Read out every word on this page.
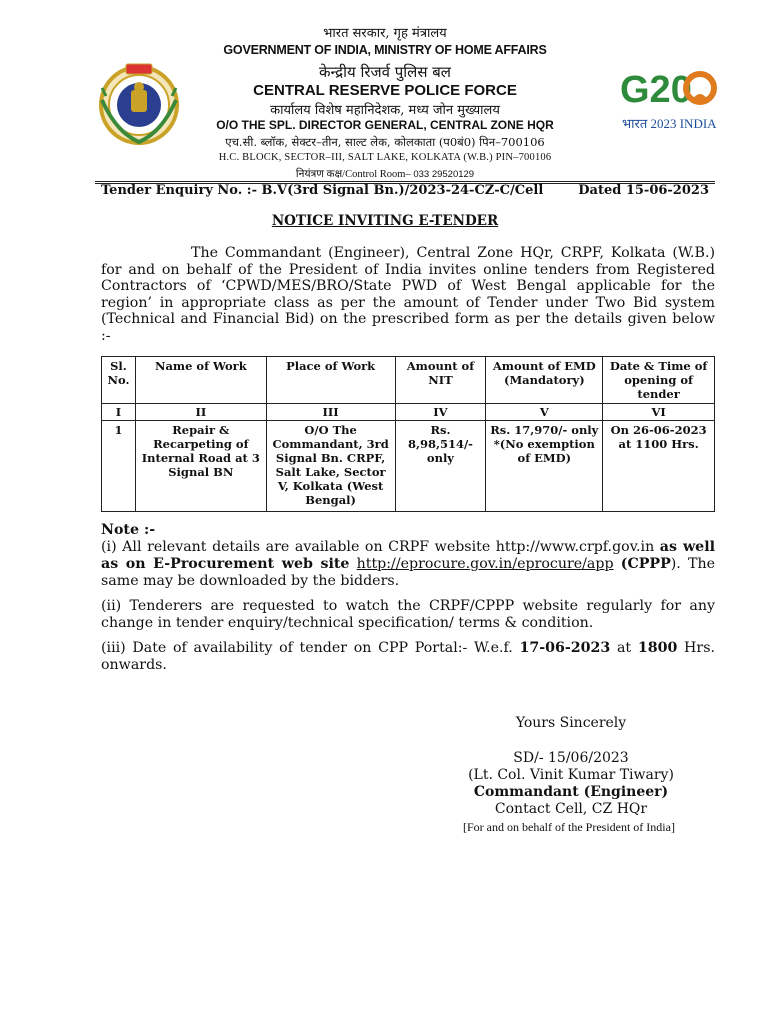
G20
भारत 2023 INDIA
भारत सरकार, गृह मंत्रालय
GOVERNMENT OF INDIA, MINISTRY OF HOME AFFAIRS
केन्द्रीय रिजर्व पुलिस बल
CENTRAL RESERVE POLICE FORCE
कार्यालय विशेष महानिदेशक, मध्य जोन मुख्यालय
O/O THE SPL. DIRECTOR GENERAL, CENTRAL ZONE HQR
एच.सी. ब्लॉक, सेक्टर–तीन, साल्ट लेक, कोलकाता (प0बं0) पिन–700106
H.C. BLOCK, SECTOR–III, SALT LAKE, KOLKATA (W.B.) PIN–700106
नियंत्रण कक्ष/Control Room– 033 29520129
Tender Enquiry No. :- B.V(3rd Signal Bn.)/2023-24-CZ-C/Cell	Dated 15-06-2023
NOTICE INVITING E-TENDER

The Commandant (Engineer), Central Zone HQr, CRPF, Kolkata (W.B.) for and on behalf of the President of India invites online tenders from Registered Contractors of ‘CPWD/MES/BRO/State PWD of West Bengal applicable for the region’ in appropriate class as per the amount of Tender under Two Bid system (Technical and Financial Bid) on the prescribed form as per the details given below :-

Sl. No.	Name of Work	Place of Work	Amount of NIT	Amount of EMD (Mandatory)	Date & Time of opening of tender
I	II	III	IV	V	VI
1	Repair & Recarpeting of Internal Road at 3 Signal BN	O/O The Commandant, 3rd Signal Bn. CRPF, Salt Lake, Sector V, Kolkata (West Bengal)	Rs. 8,98,514/- only	Rs. 17,970/- only *(No exemption of EMD)	On 26-06-2023 at 1100 Hrs.

Note :-

(i) All relevant details are available on CRPF website http://www.crpf.gov.in as well as on E-Procurement web site http://eprocure.gov.in/eprocure/app (CPPP). The same may be downloaded by the bidders.

(ii) Tenderers are requested to watch the CRPF/CPPP website regularly for any change in tender enquiry/technical specification/ terms & condition.

(iii) Date of availability of tender on CPP Portal:- W.e.f. 17-06-2023 at 1800 Hrs. onwards.

Yours Sincerely
SD/- 15/06/2023
(Lt. Col. Vinit Kumar Tiwary)
Commandant (Engineer)
Contact Cell, CZ HQr
[For and on behalf of the President of India]
